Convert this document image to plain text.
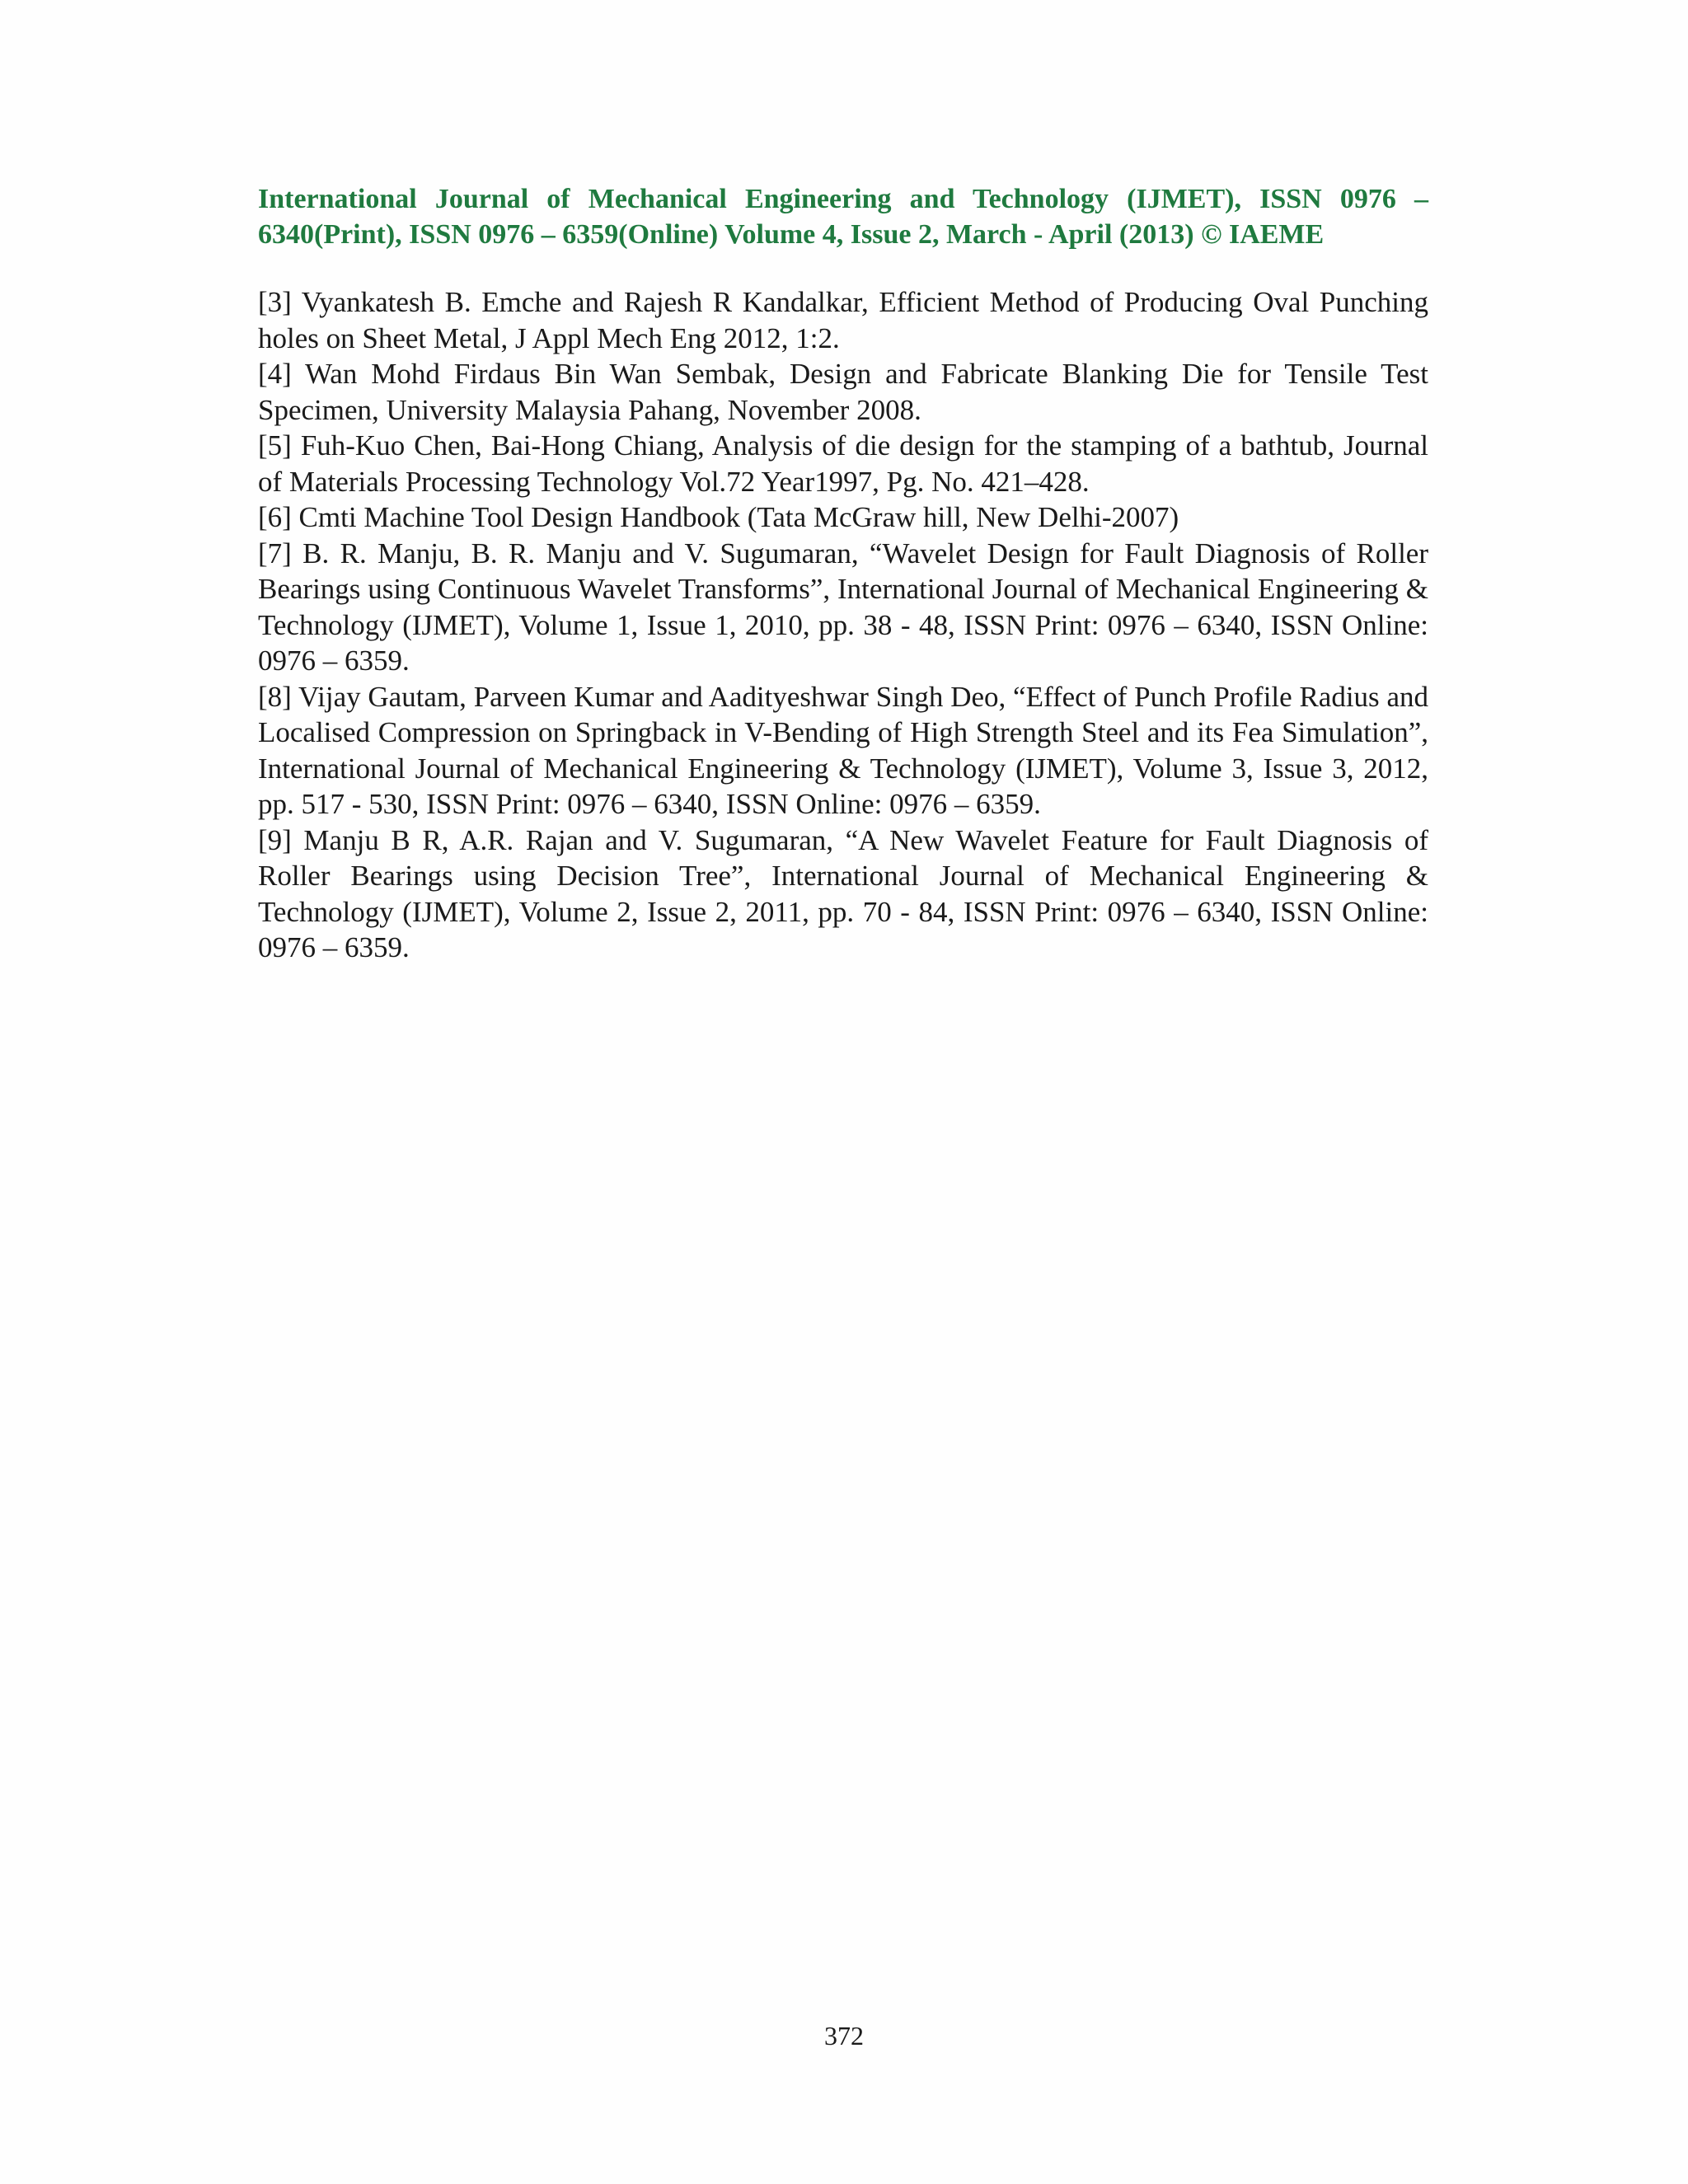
International Journal of Mechanical Engineering and Technology (IJMET), ISSN 0976 –
6340(Print), ISSN 0976 – 6359(Online) Volume 4, Issue 2, March - April (2013) © IAEME

[3] Vyankatesh B. Emche and Rajesh R Kandalkar, Efficient Method of Producing Oval Punching holes on Sheet Metal, J Appl Mech Eng 2012, 1:2.

[4] Wan Mohd Firdaus Bin Wan Sembak, Design and Fabricate Blanking Die for Tensile Test Specimen, University Malaysia Pahang, November 2008.

[5] Fuh-Kuo Chen, Bai-Hong Chiang, Analysis of die design for the stamping of a bathtub, Journal of Materials Processing Technology Vol.72 Year1997, Pg. No. 421–428.

[6] Cmti Machine Tool Design Handbook (Tata McGraw hill, New Delhi-2007)

[7] B. R. Manju, B. R. Manju and V. Sugumaran, “Wavelet Design for Fault Diagnosis of Roller Bearings using Continuous Wavelet Transforms”, International Journal of Mechanical Engineering & Technology (IJMET), Volume 1, Issue 1, 2010, pp. 38 - 48, ISSN Print: 0976 – 6340, ISSN Online: 0976 – 6359.

[8] Vijay Gautam, Parveen Kumar and Aadityeshwar Singh Deo, “Effect of Punch Profile Radius and Localised Compression on Springback in V-Bending of High Strength Steel and its Fea Simulation”, International Journal of Mechanical Engineering & Technology (IJMET), Volume 3, Issue 3, 2012, pp. 517 - 530, ISSN Print: 0976 – 6340, ISSN Online: 0976 – 6359.

[9] Manju B R, A.R. Rajan and V. Sugumaran, “A New Wavelet Feature for Fault Diagnosis of Roller Bearings using Decision Tree”, International Journal of Mechanical Engineering & Technology (IJMET), Volume 2, Issue 2, 2011, pp. 70 - 84, ISSN Print: 0976 – 6340, ISSN Online: 0976 – 6359.

372
